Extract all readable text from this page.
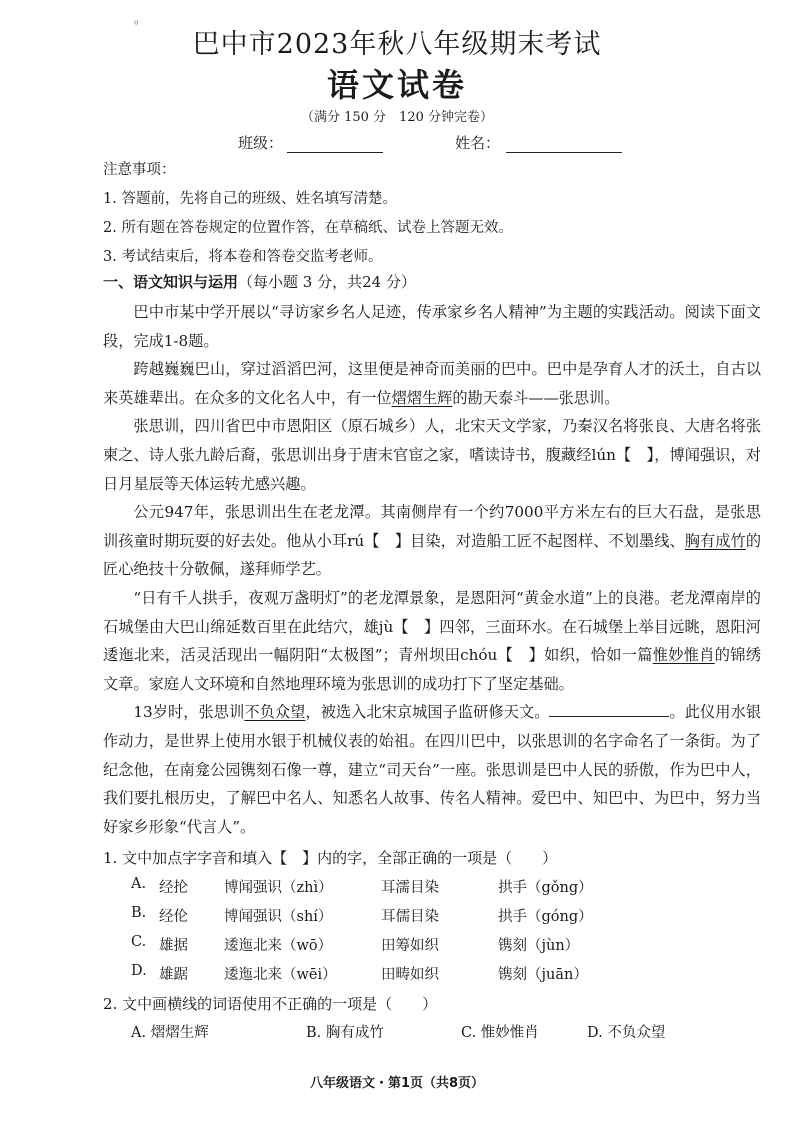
。
巴中市2023年秋八年级期末考试
语文试卷
（满分 150 分　120 分钟完卷）
班级：	姓名：
注意事项：
1. 答题前，先将自己的班级、姓名填写清楚。
2. 所有题在答卷规定的位置作答，在草稿纸、试卷上答题无效。
3. 考试结束后，将本卷和答卷交监考老师。
一、语文知识与运用（每小题 3 分，共24 分）

巴中市某中学开展以“寻访家乡名人足迹，传承家乡名人精神”为主题的实践活动。阅读下面文段，完成1-8题。

跨越巍巍巴山，穿过滔滔巴河，这里便是神奇而美丽的巴中。巴中是孕育人才的沃土，自古以来英雄辈出。在众多的文化名人中，有一位熠熠生辉的勘天泰斗——张思训。

张思训，四川省巴中市恩阳区（原石城乡）人，北宋天文学家，乃秦汉名将张良、大唐名将张柬之、诗人张九龄后裔，张思训出身于唐末官宦之家，嗜读诗书，腹藏经lún【　】，博闻强识，对日月星辰等天体运转尤感兴趣。

公元947年，张思训出生在老龙潭。其南侧岸有一个约7000平方米左右的巨大石盘，是张思训孩童时期玩耍的好去处。他从小耳rú【　】目染，对造船工匠不起图样、不划墨线、胸有成竹的匠心绝技十分敬佩，遂拜师学艺。

“日有千人拱手，夜观万盏明灯”的老龙潭景象，是恩阳河“黄金水道”上的良港。老龙潭南岸的石城堡由大巴山绵延数百里在此结穴，雄jù【　】四邻，三面环水。在石城堡上举目远眺，恩阳河逶迤北来，活灵活现出一幅阴阳“太极图”；青州坝田chóu【　】如织，恰如一篇惟妙惟肖的锦绣文章。家庭人文环境和自然地理环境为张思训的成功打下了坚定基础。

13岁时，张思训不负众望，被选入北宋京城国子监研修天文。	。此仪用水银作动力，是世界上使用水银于机械仪表的始祖。在四川巴中，以张思训的名字命名了一条街。为了纪念他，在南龛公园镌刻石像一尊，建立“司天台”一座。张思训是巴中人民的骄傲，作为巴中人，我们要扎根历史，了解巴中名人、知悉名人故事、传名人精神。爱巴中、知巴中、为巴中，努力当好家乡形象“代言人”。

1. 文中加点字字音和填入【　】内的字，全部正确的一项是（　　）
A. 经抡 博闻强识（zhì）	耳濡目染	拱手（gǒng）
B. 经伦 博闻强识（shí）	耳儒目染	拱手（góng）
C. 雄据 逶迤北来（wō）	田筹如织	镌刻（jùn）
D. 雄踞 逶迤北来（wēi）	田畴如织	镌刻（juān）
2. 文中画横线的词语使用不正确的一项是（　　）
A. 熠熠生辉	B. 胸有成竹	C. 惟妙惟肖	D. 不负众望
八年级语文・第1页（共8页）
